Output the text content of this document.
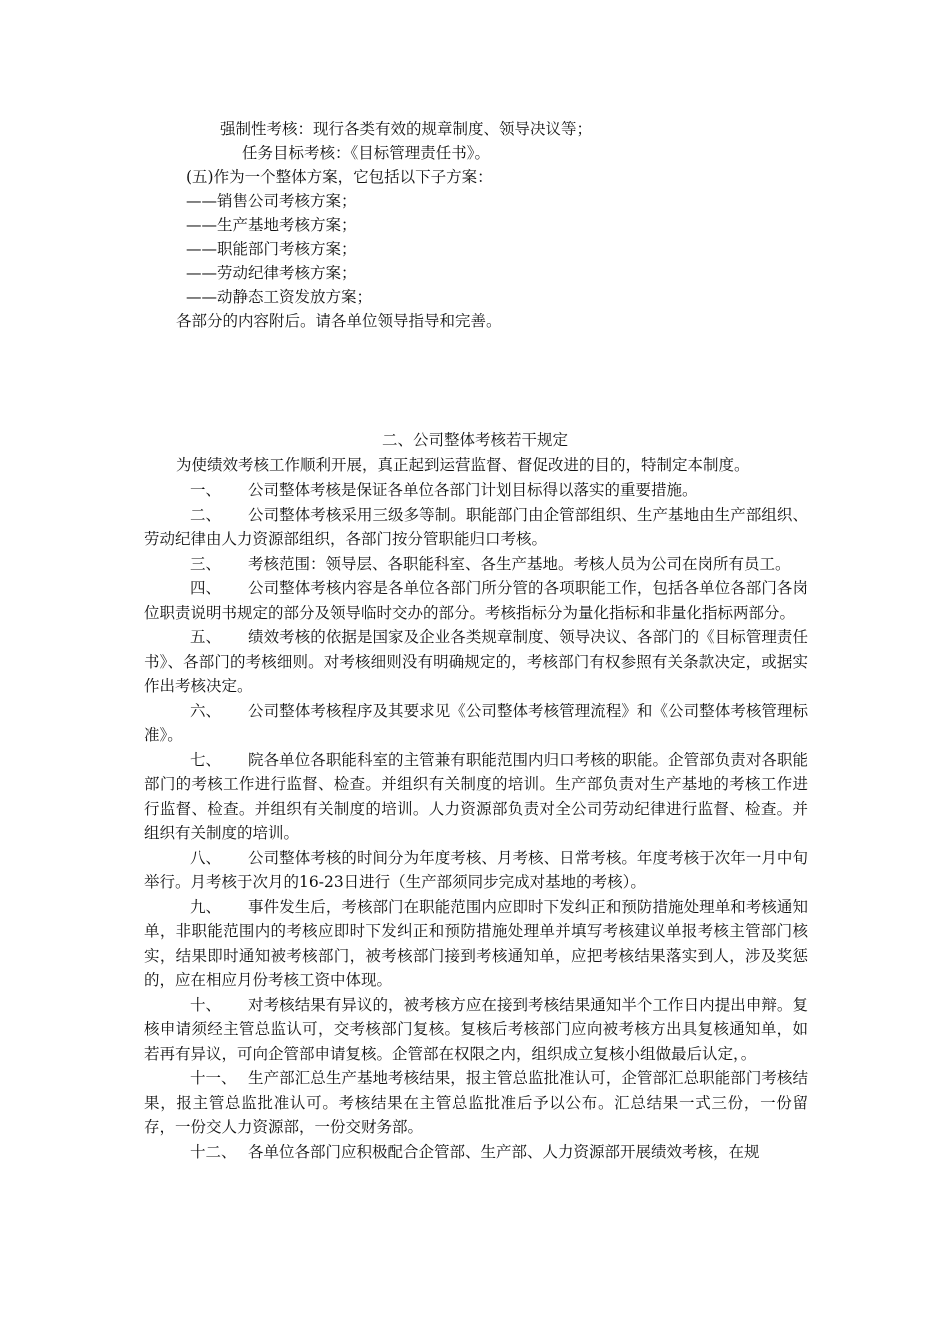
强制性考核：现行各类有效的规章制度、领导决议等；
任务目标考核：《目标管理责任书》。
(五)作为一个整体方案，它包括以下子方案：
——销售公司考核方案；
——生产基地考核方案；
——职能部门考核方案；
——劳动纪律考核方案；
——动静态工资发放方案；
各部分的内容附后。请各单位领导指导和完善。
二、公司整体考核若干规定
为使绩效考核工作顺利开展，真正起到运营监督、督促改进的目的，特制定本制度。

一、 公司整体考核是保证各单位各部门计划目标得以落实的重要措施。

二、 公司整体考核采用三级多等制。职能部门由企管部组织、生产基地由生产部组织、劳动纪律由人力资源部组织，各部门按分管职能归口考核。

三、 考核范围：领导层、各职能科室、各生产基地。考核人员为公司在岗所有员工。

四、 公司整体考核内容是各单位各部门所分管的各项职能工作，包括各单位各部门各岗位职责说明书规定的部分及领导临时交办的部分。考核指标分为量化指标和非量化指标两部分。

五、 绩效考核的依据是国家及企业各类规章制度、领导决议、各部门的《目标管理责任书》、各部门的考核细则。对考核细则没有明确规定的，考核部门有权参照有关条款决定，或据实作出考核决定。

六、 公司整体考核程序及其要求见《公司整体考核管理流程》和《公司整体考核管理标准》。

七、 院各单位各职能科室的主管兼有职能范围内归口考核的职能。企管部负责对各职能部门的考核工作进行监督、检查。并组织有关制度的培训。生产部负责对生产基地的考核工作进行监督、检查。并组织有关制度的培训。人力资源部负责对全公司劳动纪律进行监督、检查。并组织有关制度的培训。

八、 公司整体考核的时间分为年度考核、月考核、日常考核。年度考核于次年一月中旬举行。月考核于次月的16-23日进行（生产部须同步完成对基地的考核）。

九、 事件发生后，考核部门在职能范围内应即时下发纠正和预防措施处理单和考核通知单，非职能范围内的考核应即时下发纠正和预防措施处理单并填写考核建议单报考核主管部门核实，结果即时通知被考核部门，被考核部门接到考核通知单，应把考核结果落实到人，涉及奖惩的，应在相应月份考核工资中体现。

十、 对考核结果有异议的，被考核方应在接到考核结果通知半个工作日内提出申辩。复核申请须经主管总监认可，交考核部门复核。复核后考核部门应向被考核方出具复核通知单，如若再有异议，可向企管部申请复核。企管部在权限之内，组织成立复核小组做最后认定，。

十一、 生产部汇总生产基地考核结果，报主管总监批准认可，企管部汇总职能部门考核结果，报主管总监批准认可。考核结果在主管总监批准后予以公布。汇总结果一式三份，一份留存，一份交人力资源部，一份交财务部。

十二、 各单位各部门应积极配合企管部、生产部、人力资源部开展绩效考核，在规
